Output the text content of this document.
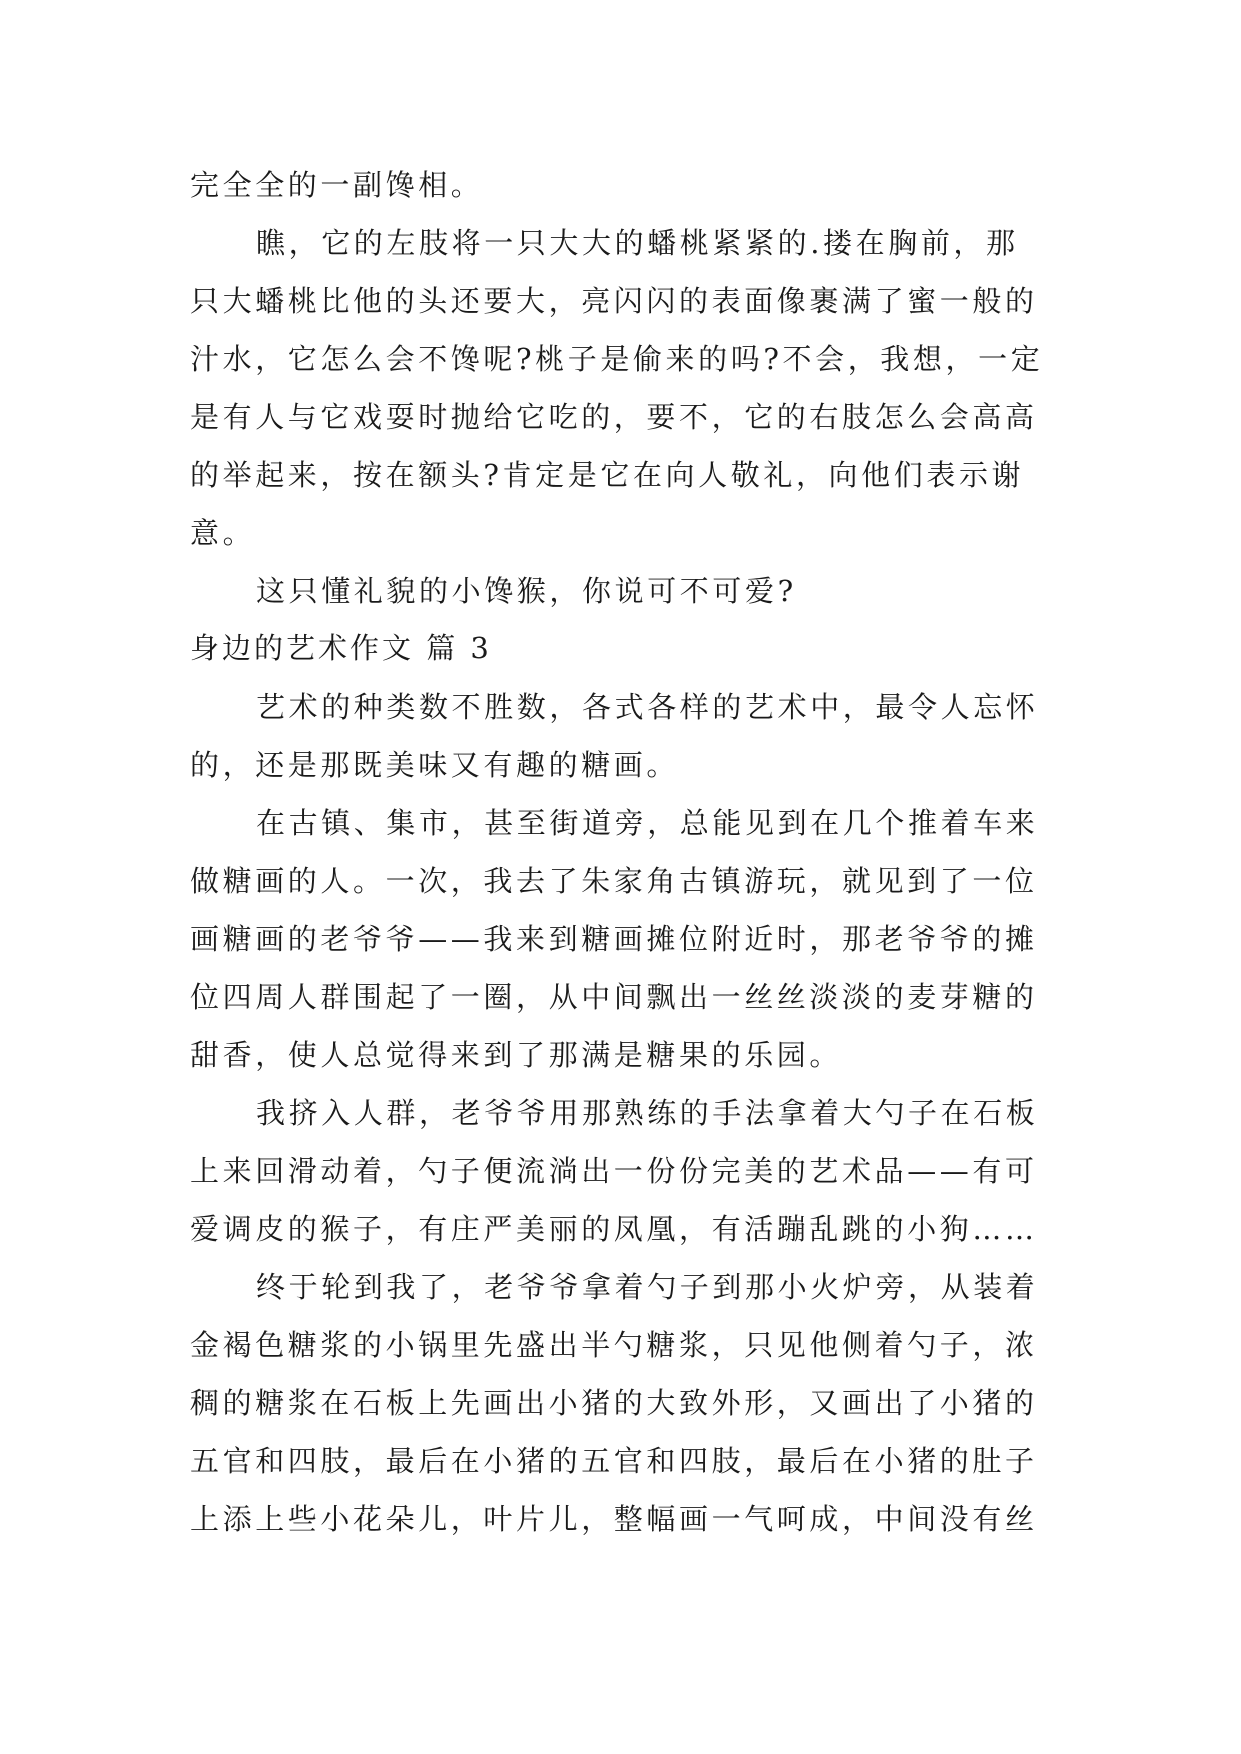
完全全的一副馋相。
瞧，它的左肢将一只大大的蟠桃紧紧的.搂在胸前，那
只大蟠桃比他的头还要大，亮闪闪的表面像裹满了蜜一般的
汁水，它怎么会不馋呢?桃子是偷来的吗?不会，我想，一定
是有人与它戏耍时抛给它吃的，要不，它的右肢怎么会高高
的举起来，按在额头?肯定是它在向人敬礼，向他们表示谢
意。
这只懂礼貌的小馋猴，你说可不可爱?
身边的艺术作文 篇 3
艺术的种类数不胜数，各式各样的艺术中，最令人忘怀
的，还是那既美味又有趣的糖画。
在古镇、集市，甚至街道旁，总能见到在几个推着车来
做糖画的人。一次，我去了朱家角古镇游玩，就见到了一位
画糖画的老爷爷——我来到糖画摊位附近时，那老爷爷的摊
位四周人群围起了一圈，从中间飘出一丝丝淡淡的麦芽糖的
甜香，使人总觉得来到了那满是糖果的乐园。
我挤入人群，老爷爷用那熟练的手法拿着大勺子在石板
上来回滑动着，勺子便流淌出一份份完美的艺术品——有可
爱调皮的猴子，有庄严美丽的凤凰，有活蹦乱跳的小狗……
终于轮到我了，老爷爷拿着勺子到那小火炉旁，从装着
金褐色糖浆的小锅里先盛出半勺糖浆，只见他侧着勺子，浓
稠的糖浆在石板上先画出小猪的大致外形，又画出了小猪的
五官和四肢，最后在小猪的五官和四肢，最后在小猪的肚子
上添上些小花朵儿，叶片儿，整幅画一气呵成，中间没有丝
